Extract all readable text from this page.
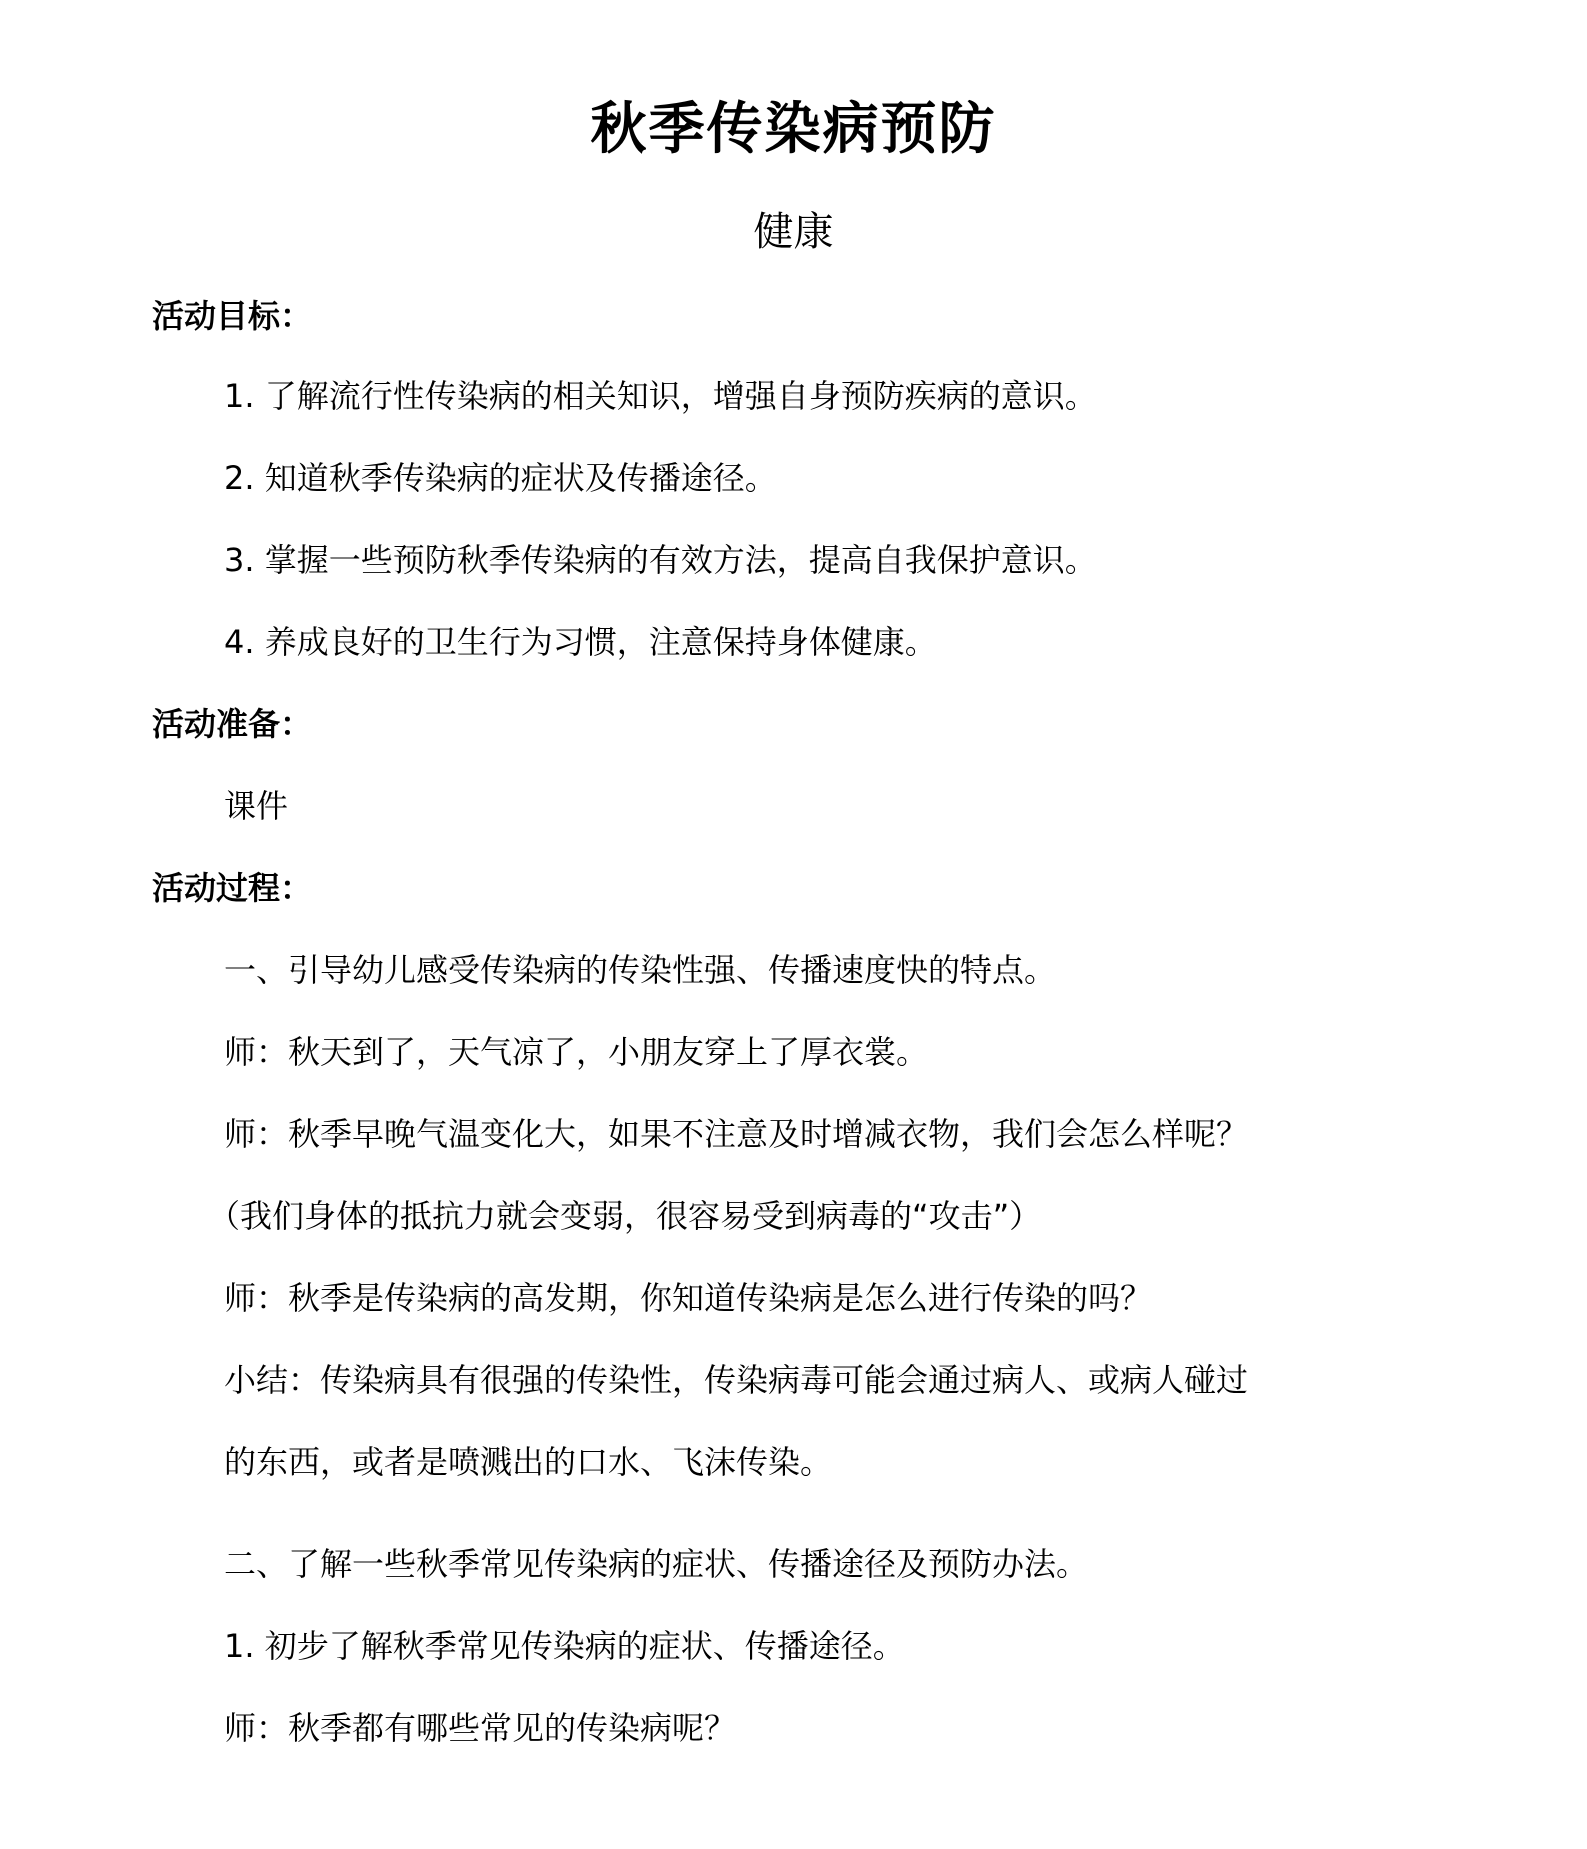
秋季传染病预防
健康
活动目标：
1. 了解流行性传染病的相关知识，增强自身预防疾病的意识。
2. 知道秋季传染病的症状及传播途径。
3. 掌握一些预防秋季传染病的有效方法，提高自我保护意识。
4. 养成良好的卫生行为习惯，注意保持身体健康。
活动准备：
课件
活动过程：
一、引导幼儿感受传染病的传染性强、传播速度快的特点。
师：秋天到了，天气凉了，小朋友穿上了厚衣裳。
师：秋季早晚气温变化大，如果不注意及时增减衣物，我们会怎么样呢？
（我们身体的抵抗力就会变弱，很容易受到病毒的“攻击”）
师：秋季是传染病的高发期，你知道传染病是怎么进行传染的吗？
小结：传染病具有很强的传染性，传染病毒可能会通过病人、或病人碰过
的东西，或者是喷溅出的口水、飞沫传染。
二、了解一些秋季常见传染病的症状、传播途径及预防办法。
1. 初步了解秋季常见传染病的症状、传播途径。
师：秋季都有哪些常见的传染病呢？
